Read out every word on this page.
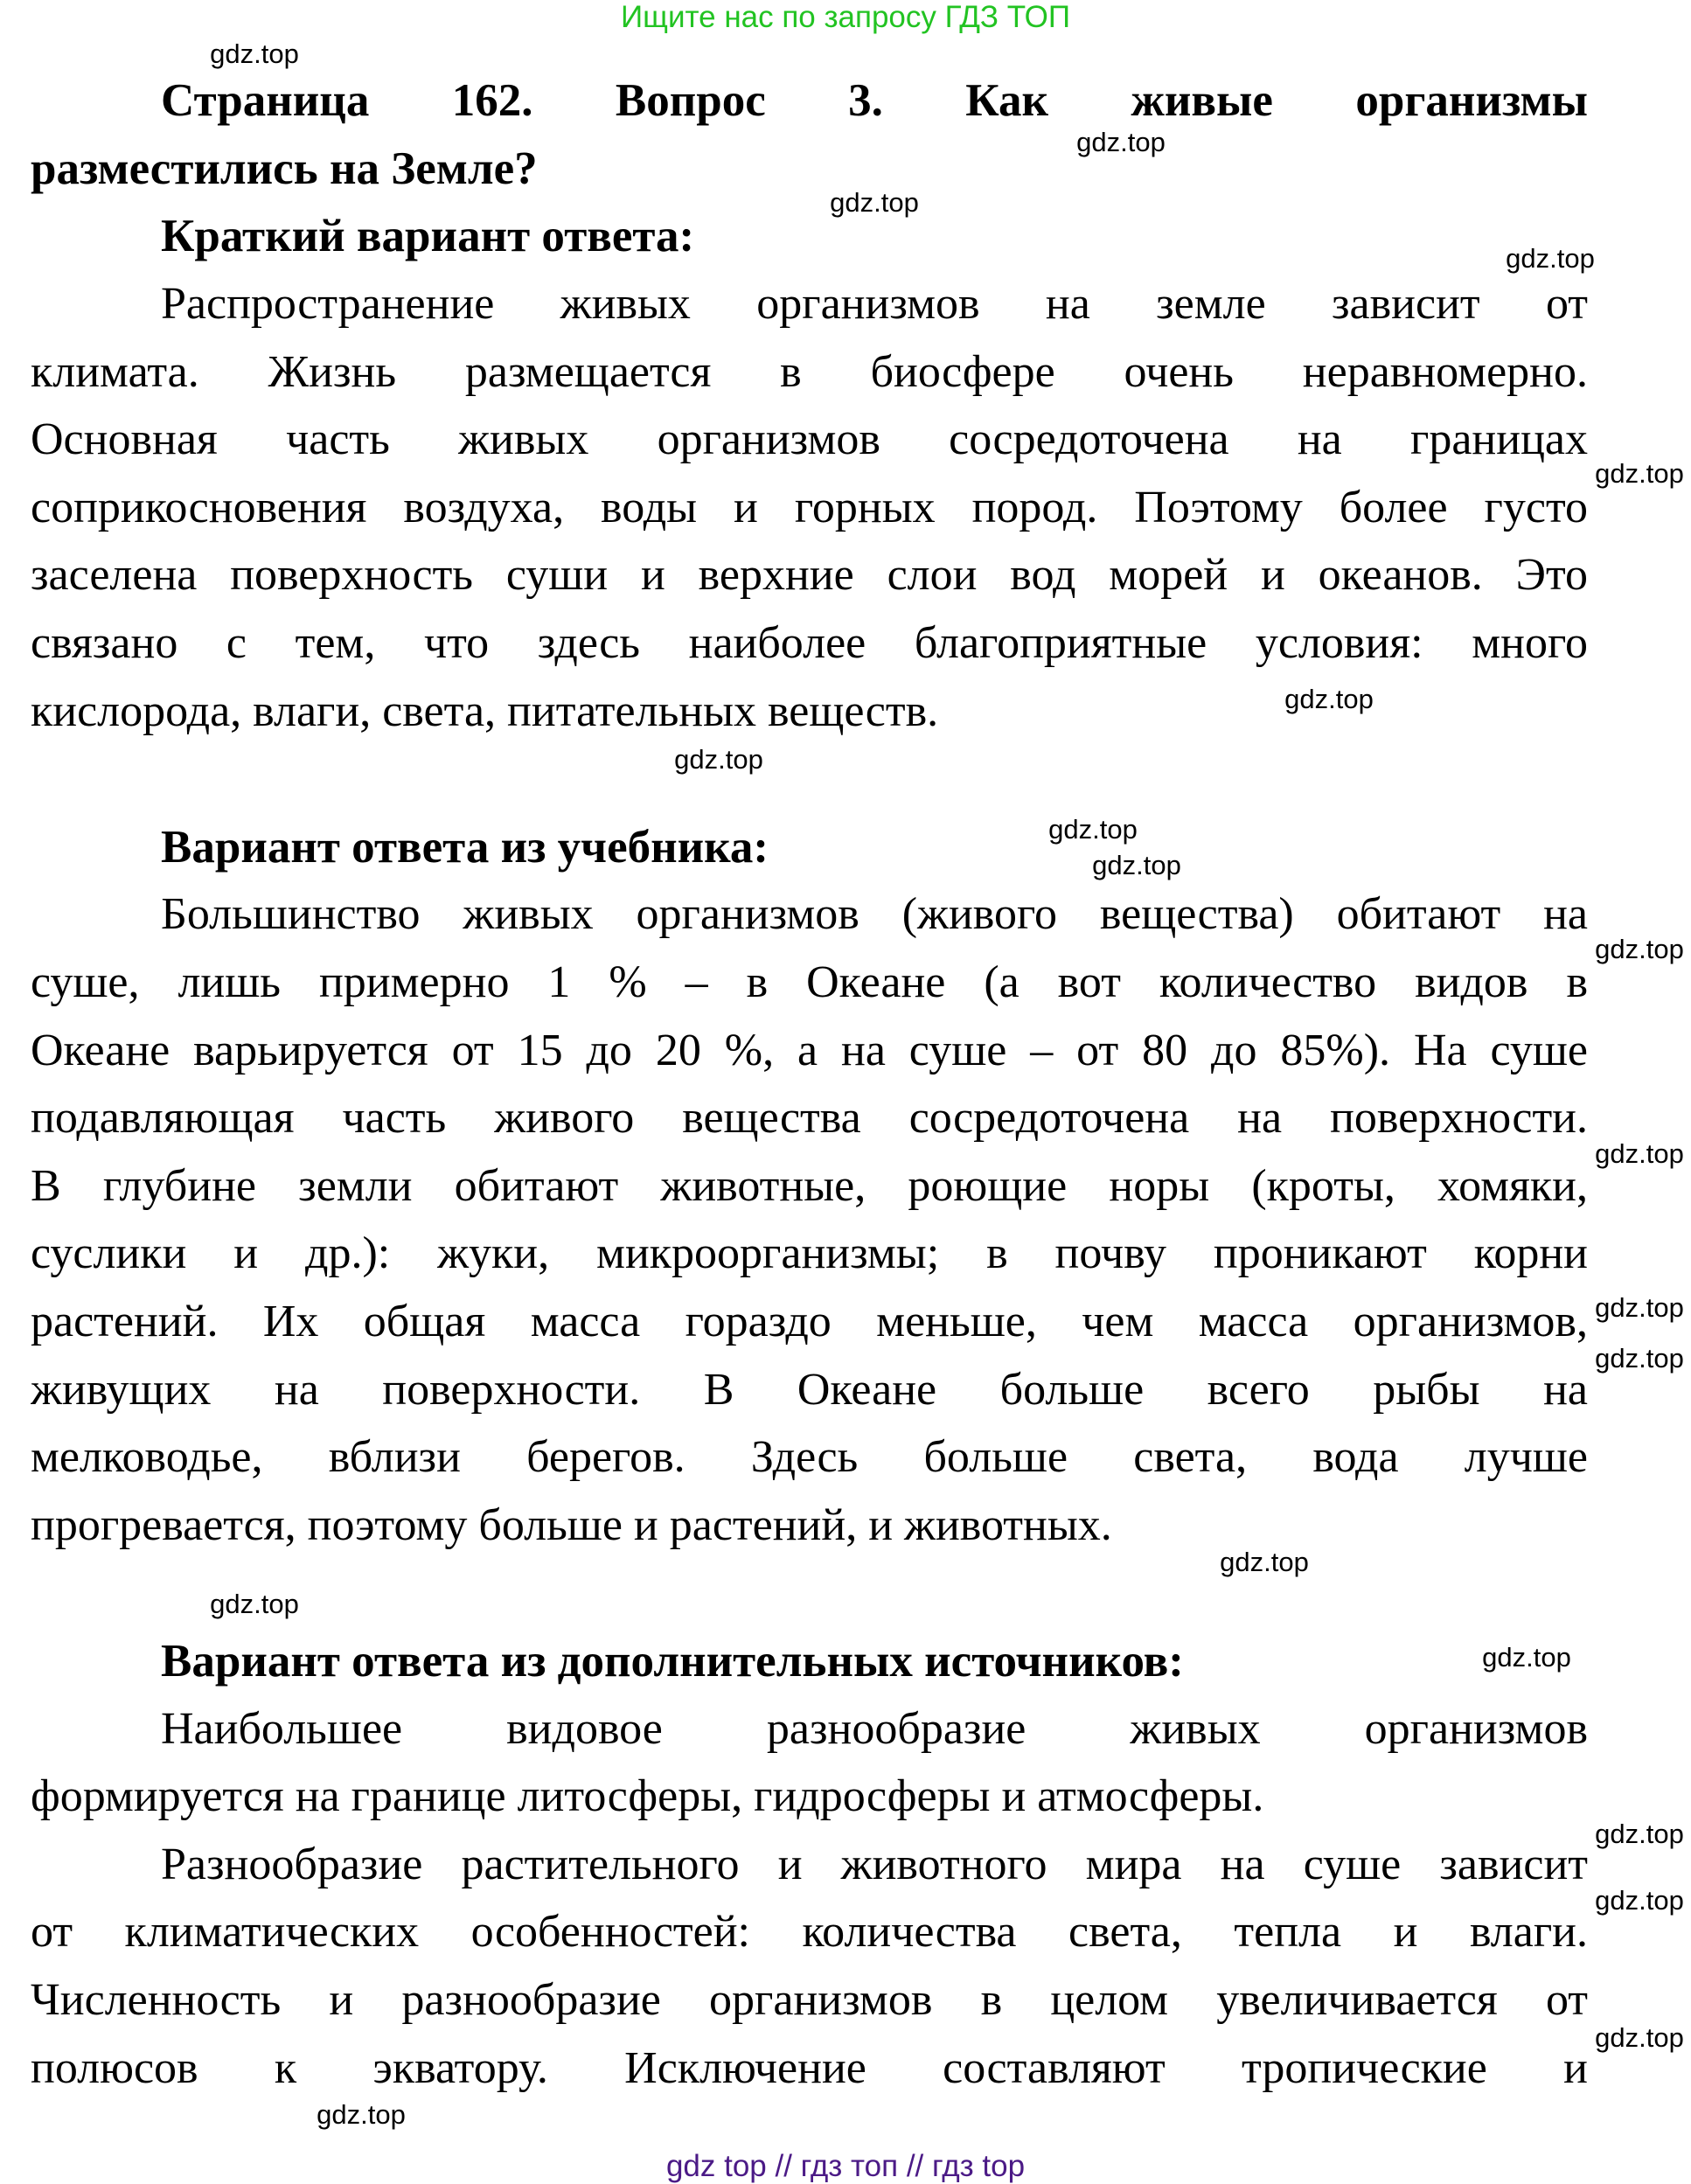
Ищите нас по запросу ГДЗ ТОП
Страница 162. Вопрос 3. Как живые организмы
разместились на Земле?
Краткий вариант ответа:
Распространение живых организмов на земле зависит от
климата. Жизнь размещается в биосфере очень неравномерно.
Основная часть живых организмов сосредоточена на границах
соприкосновения воздуха, воды и горных пород. Поэтому более густо
заселена поверхность суши и верхние слои вод морей и океанов. Это
связано с тем, что здесь наиболее благоприятные условия: много
кислорода, влаги, света, питательных веществ.
Вариант ответа из учебника:
Большинство живых организмов (живого вещества) обитают на
суше, лишь примерно 1 % – в Океане (а вот количество видов в
Океане варьируется от 15 до 20 %, а на суше – от 80 до 85%). На суше
подавляющая часть живого вещества сосредоточена на поверхности.
В глубине земли обитают животные, роющие норы (кроты, хомяки,
суслики и др.): жуки, микроорганизмы; в почву проникают корни
растений. Их общая масса гораздо меньше, чем масса организмов,
живущих на поверхности. В Океане больше всего рыбы на
мелководье, вблизи берегов. Здесь больше света, вода лучше
прогревается, поэтому больше и растений, и животных.
Вариант ответа из дополнительных источников:
Наибольшее видовое разнообразие живых организмов
формируется на границе литосферы, гидросферы и атмосферы.
Разнообразие растительного и животного мира на суше зависит
от климатических особенностей: количества света, тепла и влаги.
Численность и разнообразие организмов в целом увеличивается от
полюсов к экватору. Исключение составляют тропические и
gdz.top
gdz.top
gdz.top
gdz.top
gdz.top
gdz.top
gdz.top
gdz.top
gdz.top
gdz.top
gdz.top
gdz.top
gdz.top
gdz.top
gdz.top
gdz.top
gdz.top
gdz.top
gdz.top
gdz.top
gdz top // гдз топ // гдз top
